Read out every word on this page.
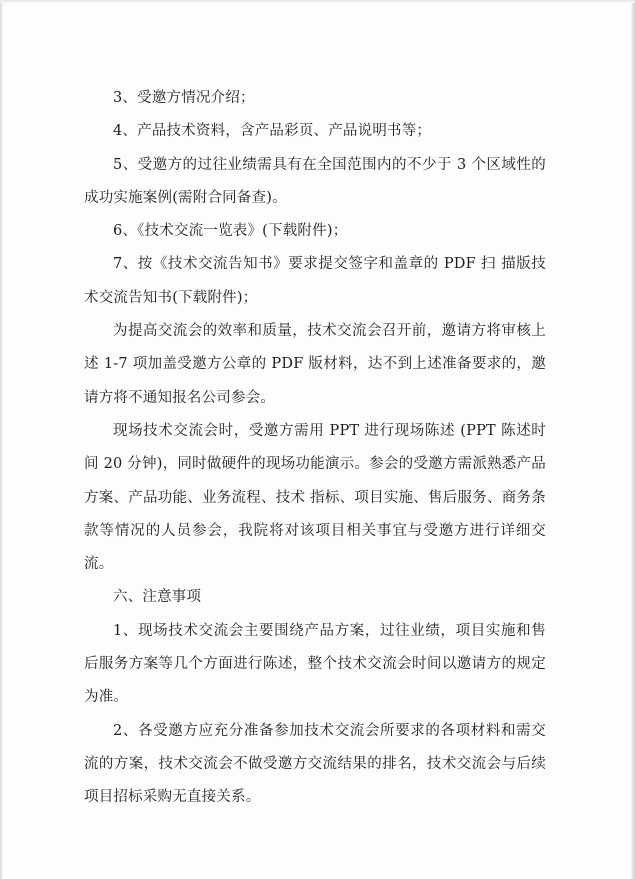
3、受邀方情况介绍；

4、产品技术资料，含产品彩页、产品说明书等；

5、受邀方的过往业绩需具有在全国范围内的不少于 3 个区域性的成功实施案例(需附合同备查)。

6、《技术交流一览表》(下载附件)；

7、按《技术交流告知书》要求提交签字和盖章的 PDF 扫 描版技术交流告知书(下载附件)；

为提高交流会的效率和质量，技术交流会召开前，邀请方将审核上述 1-7 项加盖受邀方公章的 PDF 版材料，达不到上述准备要求的，邀请方将不通知报名公司参会。

现场技术交流会时，受邀方需用 PPT 进行现场陈述 (PPT 陈述时间 20 分钟)，同时做硬件的现场功能演示。参会的受邀方需派熟悉产品方案、产品功能、业务流程、技术 指标、项目实施、售后服务、商务条款等情况的人员参会，我院将对该项目相关事宜与受邀方进行详细交流。

六、注意事项

1、现场技术交流会主要围绕产品方案，过往业绩，项目实施和售后服务方案等几个方面进行陈述，整个技术交流会时间以邀请方的规定为准。

2、各受邀方应充分准备参加技术交流会所要求的各项材料和需交流的方案，技术交流会不做受邀方交流结果的排名，技术交流会与后续项目招标采购无直接关系。
